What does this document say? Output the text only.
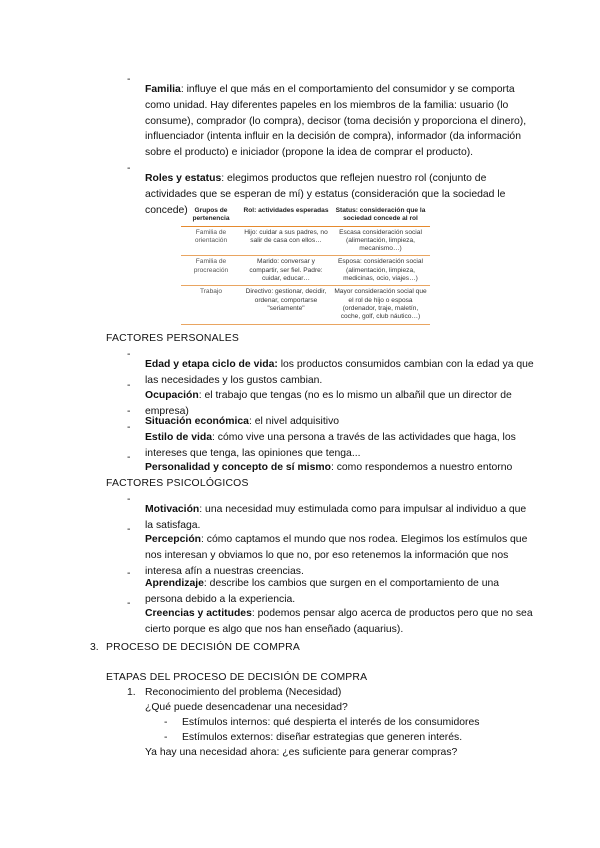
-

Familia: influye el que más en el comportamiento del consumidor y se comporta como unidad. Hay diferentes papeles en los miembros de la familia: usuario (lo consume), comprador (lo compra), decisor (toma decisión y proporciona el dinero), influenciador (intenta influir en la decisión de compra), informador (da información sobre el producto) e iniciador (propone la idea de comprar el producto).

-

Roles y estatus: elegimos productos que reflejen nuestro rol (conjunto de actividades que se esperan de mí) y estatus (consideración que la sociedad le concede)	Grupos de pertenencia	Rol: actividades esperadas	Status: consideración que la sociedad concede al rol
Familia de orientación	Hijo: cuidar a sus padres, no salir de casa con ellos…	Escasa consideración social (alimentación, limpieza, mecanismo…)
Familia de procreación	Marido: conversar y compartir, ser fiel. Padre: cuidar, educar…	Esposa: consideración social (alimentación, limpieza, medicinas, ocio, viajes…)
Trabajo	Directivo: gestionar, decidir, ordenar, comportarse "seriamente"	Mayor consideración social que el rol de hijo o esposa (ordenador, traje, maletín, coche, golf, club náutico…)
FACTORES PERSONALES
-

Edad y etapa ciclo de vida: los productos consumidos cambian con la edad ya que las necesidades y los gustos cambian.

-

Ocupación: el trabajo que tengas (no es lo mismo un albañil que un director de empresa)

-

Situación económica: el nivel adquisitivo

-

Estilo de vida: cómo vive una persona a través de las actividades que haga, los intereses que tenga, las opiniones que tenga...

-

Personalidad y concepto de sí mismo: como respondemos a nuestro entorno

FACTORES PSICOLÓGICOS
-

Motivación: una necesidad muy estimulada como para impulsar al individuo a que la satisfaga.

-

Percepción: cómo captamos el mundo que nos rodea. Elegimos los estímulos que nos interesan y obviamos lo que no, por eso retenemos la información que nos interesa afín a nuestras creencias.

-

Aprendizaje: describe los cambios que surgen en el comportamiento de una persona debido a la experiencia.

-

Creencias y actitudes: podemos pensar algo acerca de productos pero que no sea cierto porque es algo que nos han enseñado (aquarius).

3. PROCESO DE DECISIÓN DE COMPRA
ETAPAS DEL PROCESO DE DECISIÓN DE COMPRA
1. Reconocimiento del problema (Necesidad)
¿Qué puede desencadenar una necesidad?
- Estímulos internos: qué despierta el interés de los consumidores
- Estímulos externos: diseñar estrategias que generen interés.
Ya hay una necesidad ahora: ¿es suficiente para generar compras?
